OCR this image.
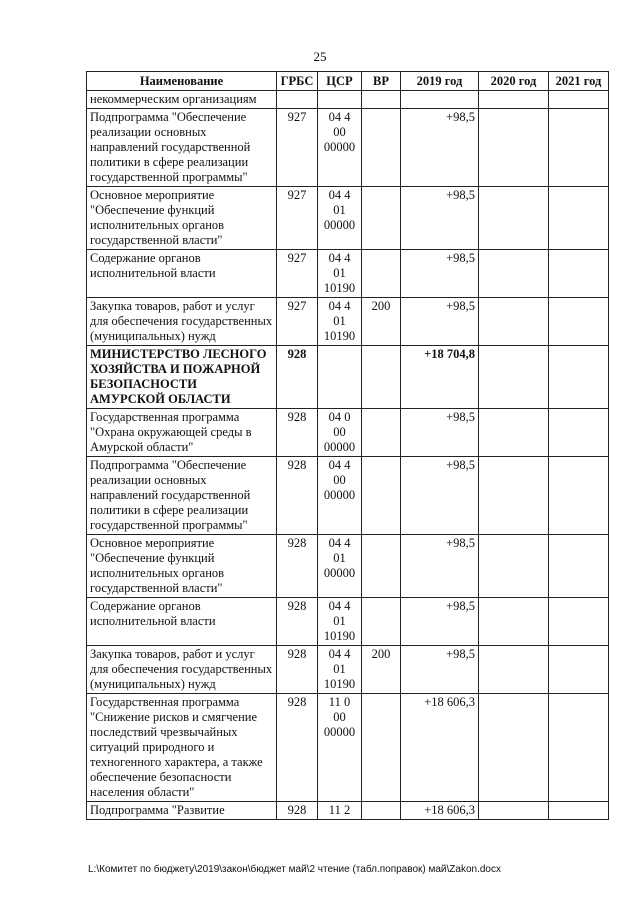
25
Наименование	ГРБС	ЦСР	ВР	2019 год	2020 год	2021 год
некоммерческим организациям						
Подпрограмма "Обеспечение реализации основных направлений государственной политики в сфере реализации государственной программы"	927	04 4 00 00000		+98,5		
Основное мероприятие "Обеспечение функций исполнительных органов государственной власти"	927	04 4 01 00000		+98,5		
Содержание органов исполнительной власти	927	04 4 01 10190		+98,5		
Закупка товаров, работ и услуг для обеспечения государственных (муниципальных) нужд	927	04 4 01 10190	200	+98,5		
МИНИСТЕРСТВО ЛЕСНОГО ХОЗЯЙСТВА И ПОЖАРНОЙ БЕЗОПАСНОСТИ АМУРСКОЙ ОБЛАСТИ	928			+18 704,8		
Государственная программа "Охрана окружающей среды в Амурской области"	928	04 0 00 00000		+98,5		
Подпрограмма "Обеспечение реализации основных направлений государственной политики в сфере реализации государственной программы"	928	04 4 00 00000		+98,5		
Основное мероприятие "Обеспечение функций исполнительных органов государственной власти"	928	04 4 01 00000		+98,5		
Содержание органов исполнительной власти	928	04 4 01 10190		+98,5		
Закупка товаров, работ и услуг для обеспечения государственных (муниципальных) нужд	928	04 4 01 10190	200	+98,5		
Государственная программа "Снижение рисков и смягчение последствий чрезвычайных ситуаций природного и техногенного характера, а также обеспечение безопасности населения области"	928	11 0 00 00000		+18 606,3		
Подпрограмма "Развитие	928	11 2		+18 606,3		
L:\Комитет по бюджету\2019\закон\бюджет май\2 чтение (табл.поправок) май\Zakon.docx
